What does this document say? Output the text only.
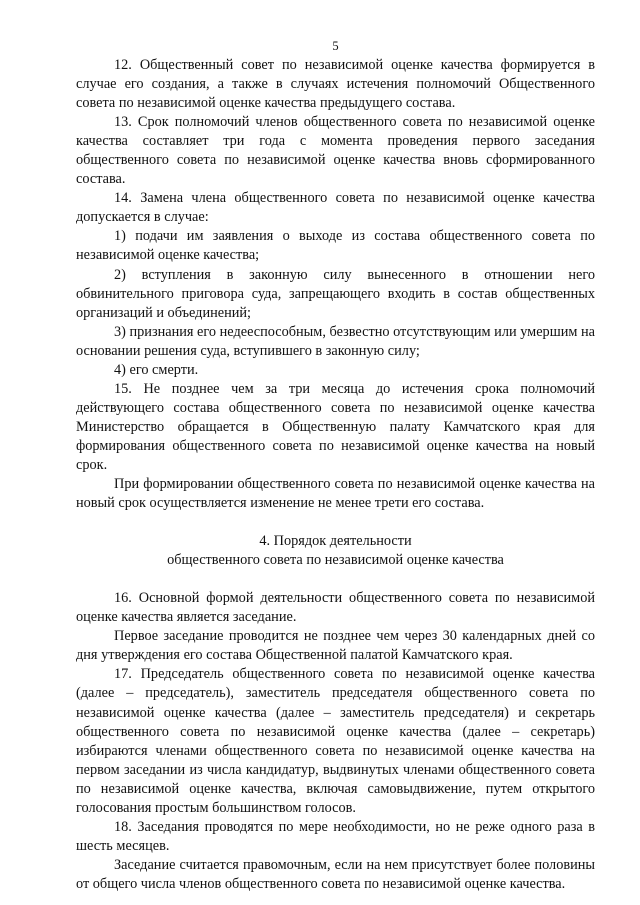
5

12. Общественный совет по независимой оценке качества формируется в случае его создания, а также в случаях истечения полномочий Общественного совета по независимой оценке качества предыдущего состава.

13. Срок полномочий членов общественного совета по независимой оценке качества составляет три года с момента проведения первого заседания общественного совета по независимой оценке качества вновь сформированного состава.

14. Замена члена общественного совета по независимой оценке качества допускается в случае:

1) подачи им заявления о выходе из состава общественного совета по независимой оценке качества;

2) вступления в законную силу вынесенного в отношении него обвинительного приговора суда, запрещающего входить в состав общественных организаций и объединений;

3) признания его недееспособным, безвестно отсутствующим или умершим на основании решения суда, вступившего в законную силу;

4) его смерти.

15. Не позднее чем за три месяца до истечения срока полномочий действующего состава общественного совета по независимой оценке качества Министерство обращается в Общественную палату Камчатского края для формирования общественного совета по независимой оценке качества на новый срок.

При формировании общественного совета по независимой оценке качества на новый срок осуществляется изменение не менее трети его состава.

4. Порядок деятельности

общественного совета по независимой оценке качества

16. Основной формой деятельности общественного совета по независимой оценке качества является заседание.

Первое заседание проводится не позднее чем через 30 календарных дней со дня утверждения его состава Общественной палатой Камчатского края.

17. Председатель общественного совета по независимой оценке качества (далее – председатель), заместитель председателя общественного совета по независимой оценке качества (далее – заместитель председателя) и секретарь общественного совета по независимой оценке качества (далее – секретарь) избираются членами общественного совета по независимой оценке качества на первом заседании из числа кандидатур, выдвинутых членами общественного совета по независимой оценке качества, включая самовыдвижение, путем открытого голосования простым большинством голосов.

18. Заседания проводятся по мере необходимости, но не реже одного раза в шесть месяцев.

Заседание считается правомочным, если на нем присутствует более половины от общего числа членов общественного совета по независимой оценке качества.
